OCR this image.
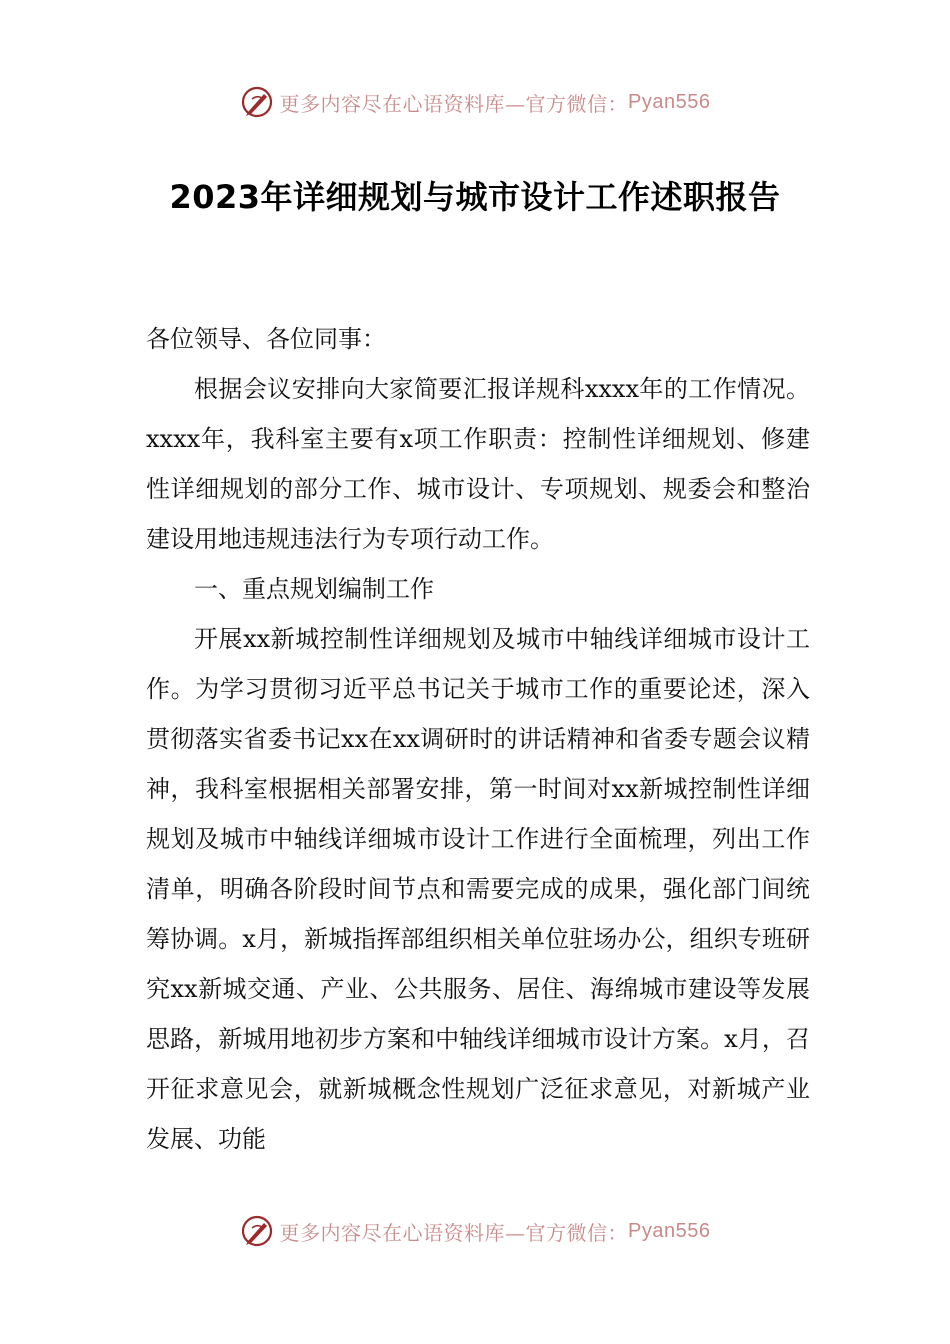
更多内容尽在心语资料库—官方微信： Pyan556
2023年详细规划与城市设计工作述职报告

各位领导、各位同事：

根据会议安排向大家简要汇报详规科xxxx年的工作情况。xxxx年，我科室主要有x项工作职责：控制性详细规划、修建性详细规划的部分工作、城市设计、专项规划、规委会和整治建设用地违规违法行为专项行动工作。

一、重点规划编制工作

开展xx新城控制性详细规划及城市中轴线详细城市设计工作。为学习贯彻习近平总书记关于城市工作的重要论述，深入贯彻落实省委书记xx在xx调研时的讲话精神和省委专题会议精神，我科室根据相关部署安排，第一时间对xx新城控制性详细规划及城市中轴线详细城市设计工作进行全面梳理，列出工作清单，明确各阶段时间节点和需要完成的成果，强化部门间统筹协调。x月，新城指挥部组织相关单位驻场办公，组织专班研究xx新城交通、产业、公共服务、居住、海绵城市建设等发展思路，新城用地初步方案和中轴线详细城市设计方案。x月，召开征求意见会，就新城概念性规划广泛征求意见，对新城产业发展、功能

更多内容尽在心语资料库—官方微信： Pyan556
